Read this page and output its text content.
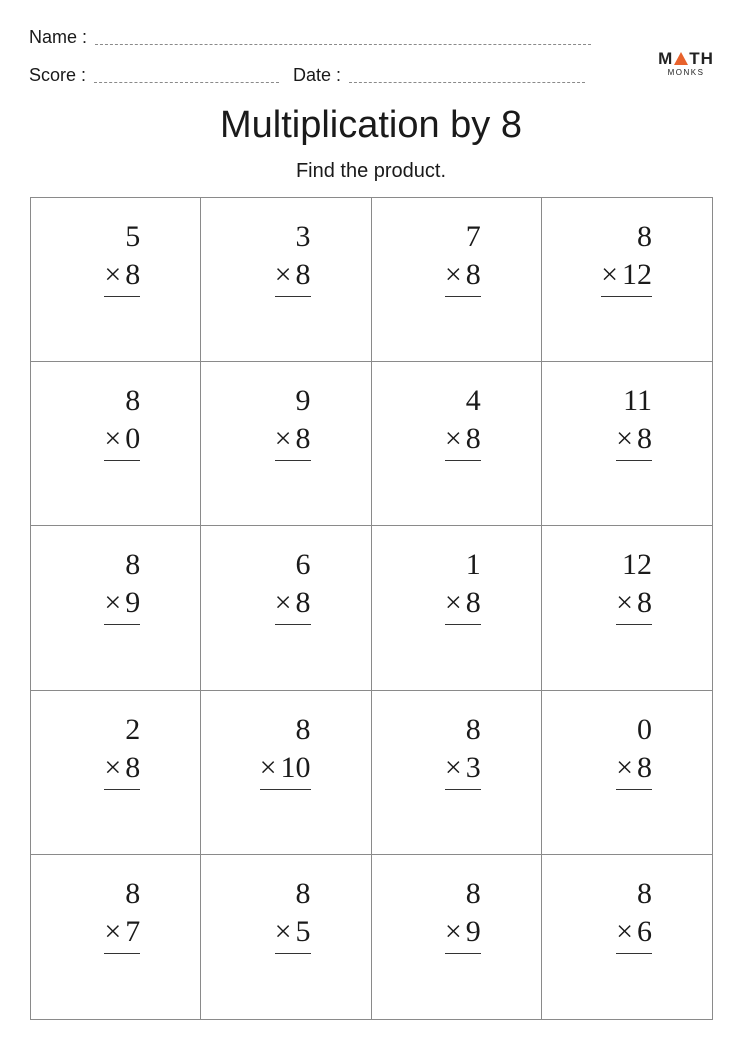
Name :
Score :	Date :
M TH
MONKS
Multiplication by 8
Find the product.
5
× 8
3
× 8
7
× 8
8
× 12
8
× 0
9
× 8
4
× 8
11
× 8
8
× 9
6
× 8
1
× 8
12
× 8
2
× 8
8
× 10
8
× 3
0
× 8
8
× 7
8
× 5
8
× 9
8
× 6
